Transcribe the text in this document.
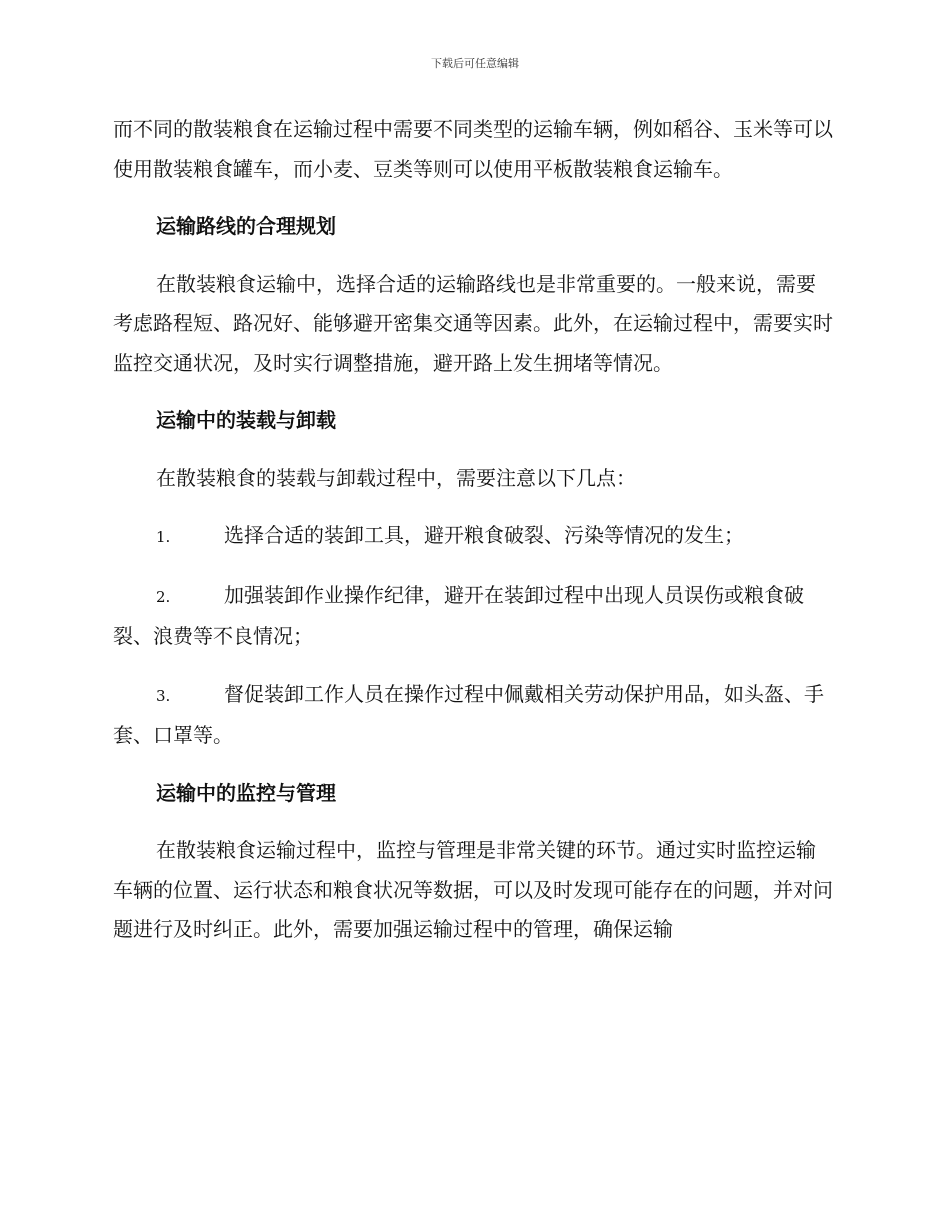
下载后可任意编辑

而不同的散装粮食在运输过程中需要不同类型的运输车辆，例如稻谷、玉米等可以使用散装粮食罐车，而小麦、豆类等则可以使用平板散装粮食运输车。

运输路线的合理规划

在散装粮食运输中，选择合适的运输路线也是非常重要的。一般来说，需要考虑路程短、路况好、能够避开密集交通等因素。此外，在运输过程中，需要实时监控交通状况，及时实行调整措施，避开路上发生拥堵等情况。

运输中的装载与卸载

在散装粮食的装载与卸载过程中，需要注意以下几点：

1.	选择合适的装卸工具，避开粮食破裂、污染等情况的发生；

2.	加强装卸作业操作纪律，避开在装卸过程中出现人员误伤或粮食破裂、浪费等不良情况；

3.	督促装卸工作人员在操作过程中佩戴相关劳动保护用品，如头盔、手套、口罩等。

运输中的监控与管理

在散装粮食运输过程中，监控与管理是非常关键的环节。通过实时监控运输车辆的位置、运行状态和粮食状况等数据，可以及时发现可能存在的问题，并对问题进行及时纠正。此外，需要加强运输过程中的管理，确保运输
